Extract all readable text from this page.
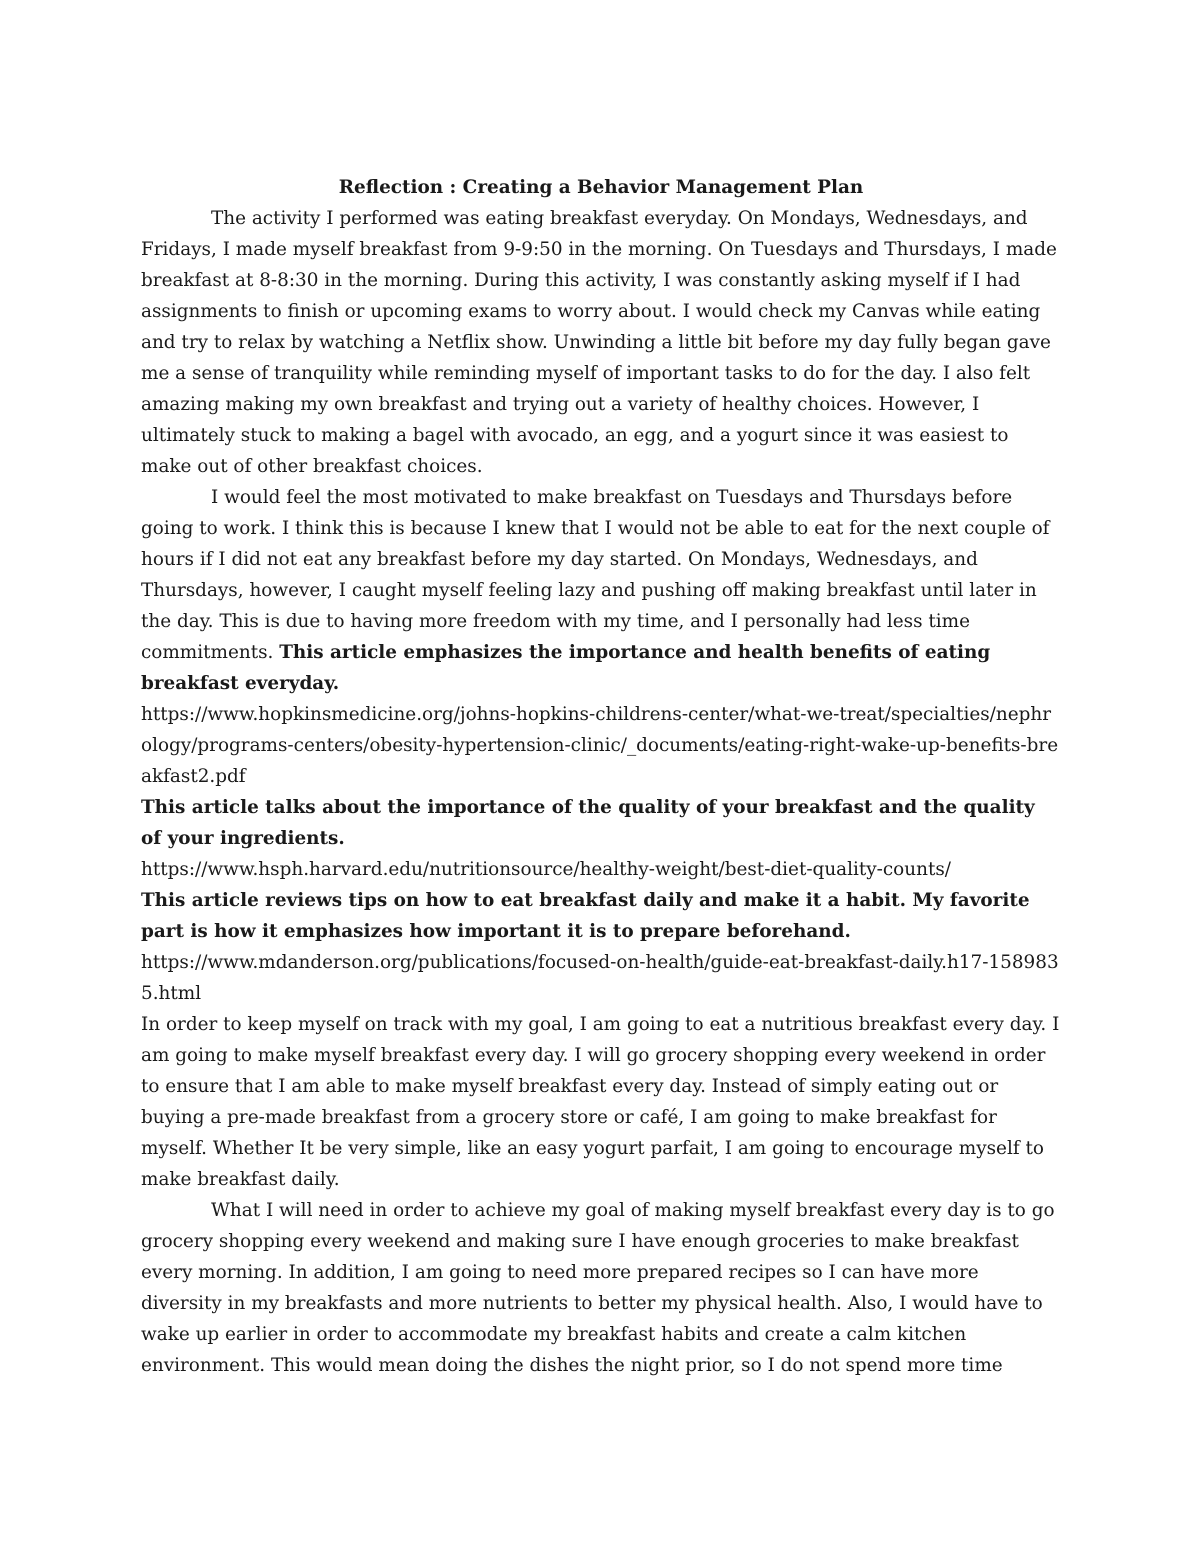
Reflection : Creating a Behavior Management Plan

The activity I performed was eating breakfast everyday. On Mondays, Wednesdays, and Fridays, I made myself breakfast from 9-9:50 in the morning. On Tuesdays and Thursdays, I made breakfast at 8-8:30 in the morning. During this activity, I was constantly asking myself if I had assignments to finish or upcoming exams to worry about. I would check my Canvas while eating and try to relax by watching a Netflix show. Unwinding a little bit before my day fully began gave me a sense of tranquility while reminding myself of important tasks to do for the day. I also felt amazing making my own breakfast and trying out a variety of healthy choices. However, I ultimately stuck to making a bagel with avocado, an egg, and a yogurt since it was easiest to make out of other breakfast choices.

I would feel the most motivated to make breakfast on Tuesdays and Thursdays before going to work. I think this is because I knew that I would not be able to eat for the next couple of hours if I did not eat any breakfast before my day started. On Mondays, Wednesdays, and Thursdays, however, I caught myself feeling lazy and pushing off making breakfast until later in the day. This is due to having more freedom with my time, and I personally had less time commitments. This article emphasizes the importance and health benefits of eating breakfast everyday.

https://www.hopkinsmedicine.org/johns-hopkins-childrens-center/what-we-treat/specialties/nephrology/programs-centers/obesity-hypertension-clinic/_documents/eating-right-wake-up-benefits-breakfast2.pdf

This article talks about the importance of the quality of your breakfast and the quality of your ingredients.

https://www.hsph.harvard.edu/nutritionsource/healthy-weight/best-diet-quality-counts/

This article reviews tips on how to eat breakfast daily and make it a habit. My favorite part is how it emphasizes how important it is to prepare beforehand.

https://www.mdanderson.org/publications/focused-on-health/guide-eat-breakfast-daily.h17-1589835.html

In order to keep myself on track with my goal, I am going to eat a nutritious breakfast every day. I am going to make myself breakfast every day. I will go grocery shopping every weekend in order to ensure that I am able to make myself breakfast every day. Instead of simply eating out or buying a pre-made breakfast from a grocery store or café, I am going to make breakfast for myself. Whether It be very simple, like an easy yogurt parfait, I am going to encourage myself to make breakfast daily.

What I will need in order to achieve my goal of making myself breakfast every day is to go grocery shopping every weekend and making sure I have enough groceries to make breakfast every morning. In addition, I am going to need more prepared recipes so I can have more diversity in my breakfasts and more nutrients to better my physical health. Also, I would have to wake up earlier in order to accommodate my breakfast habits and create a calm kitchen environment. This would mean doing the dishes the night prior, so I do not spend more time
